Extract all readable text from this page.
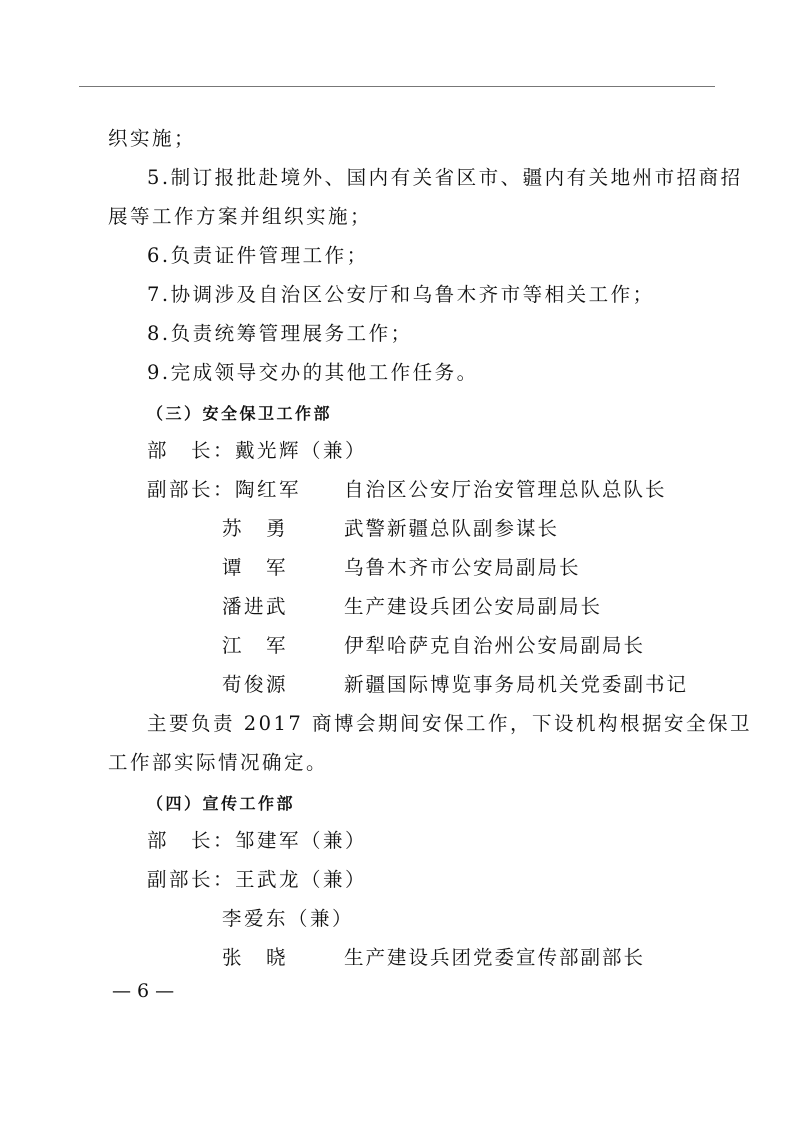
织实施；
5.制订报批赴境外、国内有关省区市、疆内有关地州市招商招
展等工作方案并组织实施；
6.负责证件管理工作；
7.协调涉及自治区公安厅和乌鲁木齐市等相关工作；
8.负责统筹管理展务工作；
9.完成领导交办的其他工作任务。
（三）安全保卫工作部
部　长：戴光辉（兼）
副部长：陶红军 自治区公安厅治安管理总队总队长
苏　勇	武警新疆总队副参谋长
谭　军	乌鲁木齐市公安局副局长
潘进武	生产建设兵团公安局副局长
江　军	伊犁哈萨克自治州公安局副局长
荀俊源	新疆国际博览事务局机关党委副书记
主要负责 2017 商博会期间安保工作，下设机构根据安全保卫
工作部实际情况确定。
（四）宣传工作部
部　长：邹建军（兼）
副部长：王武龙（兼）
李爱东（兼）
张　晓	生产建设兵团党委宣传部副部长
— 6 —
